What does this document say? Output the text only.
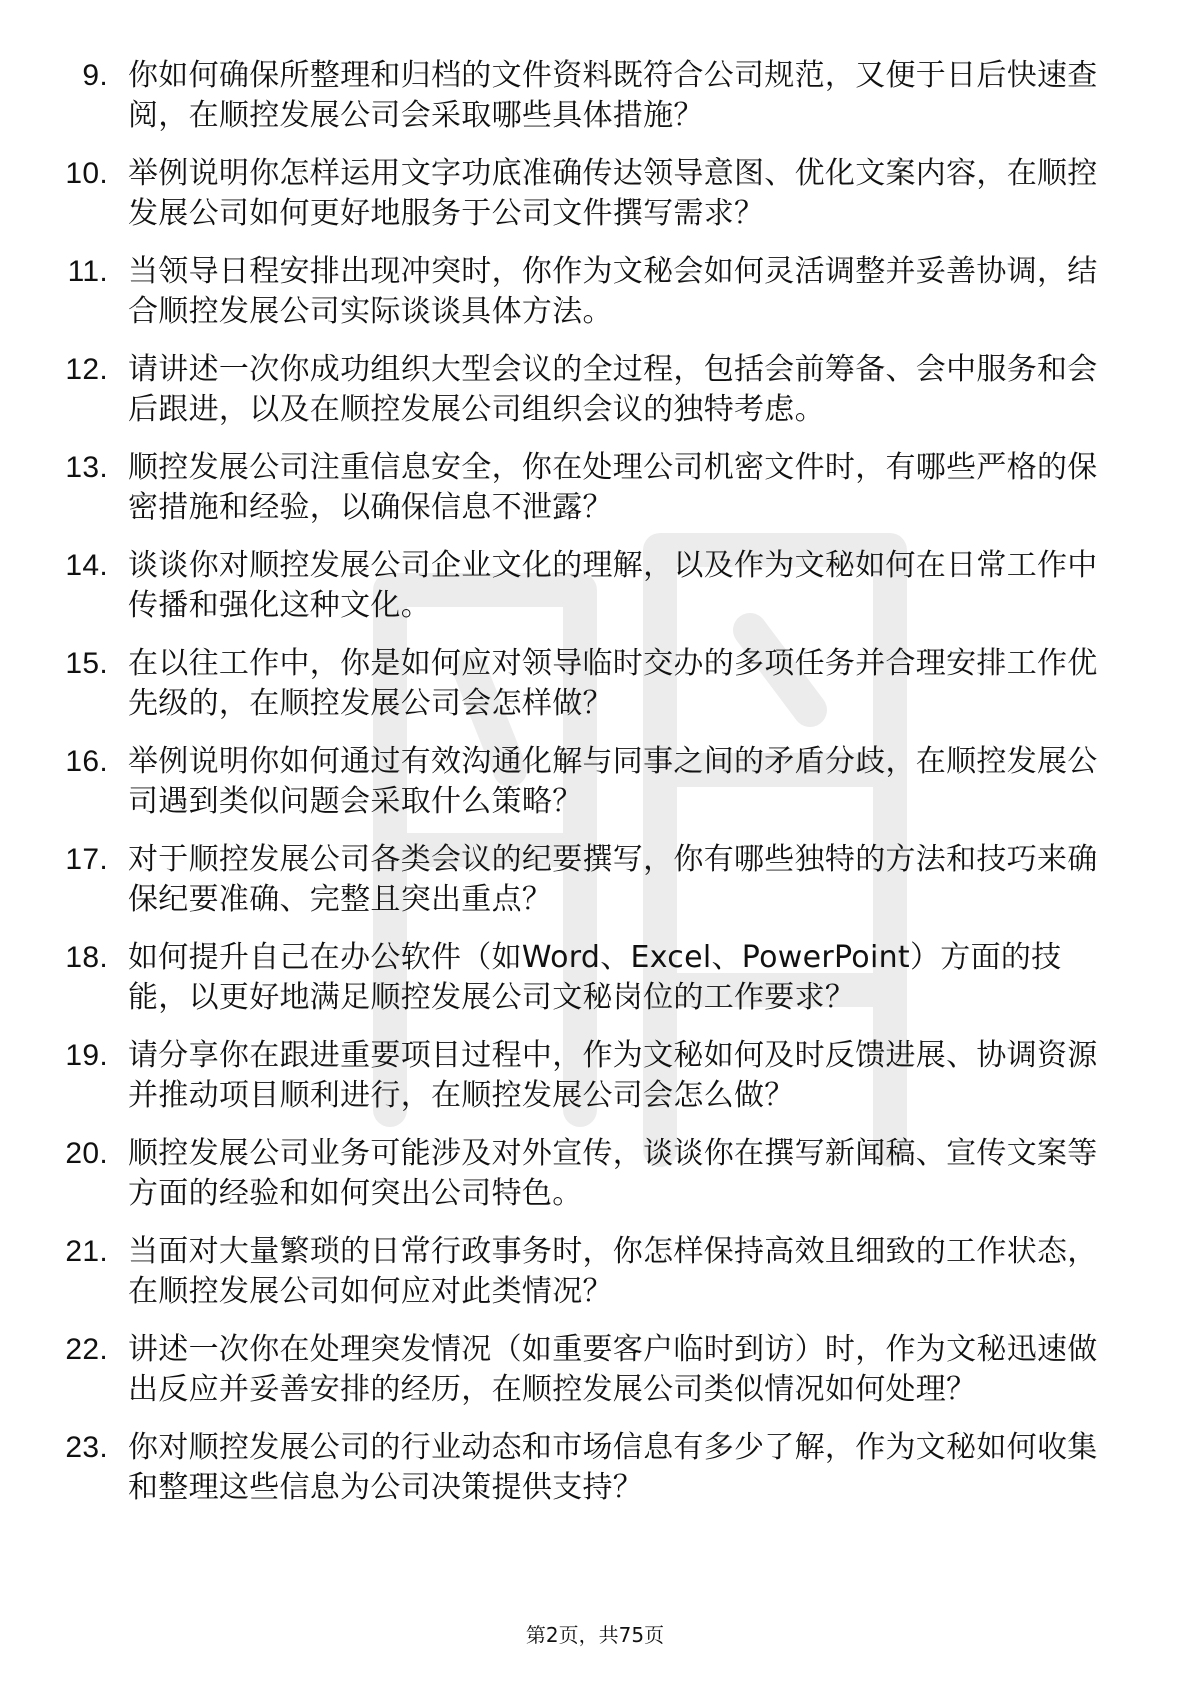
9. 你如何确保所整理和归档的文件资料既符合公司规范，又便于日后快速查阅，在顺控发展公司会采取哪些具体措施？
10. 举例说明你怎样运用文字功底准确传达领导意图、优化文案内容，在顺控发展公司如何更好地服务于公司文件撰写需求？
11. 当领导日程安排出现冲突时，你作为文秘会如何灵活调整并妥善协调，结合顺控发展公司实际谈谈具体方法。
12. 请讲述一次你成功组织大型会议的全过程，包括会前筹备、会中服务和会后跟进，以及在顺控发展公司组织会议的独特考虑。
13. 顺控发展公司注重信息安全，你在处理公司机密文件时，有哪些严格的保密措施和经验，以确保信息不泄露？
14. 谈谈你对顺控发展公司企业文化的理解，以及作为文秘如何在日常工作中传播和强化这种文化。
15. 在以往工作中，你是如何应对领导临时交办的多项任务并合理安排工作优先级的，在顺控发展公司会怎样做？
16. 举例说明你如何通过有效沟通化解与同事之间的矛盾分歧，在顺控发展公司遇到类似问题会采取什么策略？
17. 对于顺控发展公司各类会议的纪要撰写，你有哪些独特的方法和技巧来确保纪要准确、完整且突出重点？
18. 如何提升自己在办公软件（如Word、Excel、PowerPoint）方面的技能，以更好地满足顺控发展公司文秘岗位的工作要求？
19. 请分享你在跟进重要项目过程中，作为文秘如何及时反馈进展、协调资源并推动项目顺利进行，在顺控发展公司会怎么做？
20. 顺控发展公司业务可能涉及对外宣传，谈谈你在撰写新闻稿、宣传文案等方面的经验和如何突出公司特色。
21. 当面对大量繁琐的日常行政事务时，你怎样保持高效且细致的工作状态，在顺控发展公司如何应对此类情况？
22. 讲述一次你在处理突发情况（如重要客户临时到访）时，作为文秘迅速做出反应并妥善安排的经历，在顺控发展公司类似情况如何处理？
23. 你对顺控发展公司的行业动态和市场信息有多少了解，作为文秘如何收集和整理这些信息为公司决策提供支持？
第2页，共75页
